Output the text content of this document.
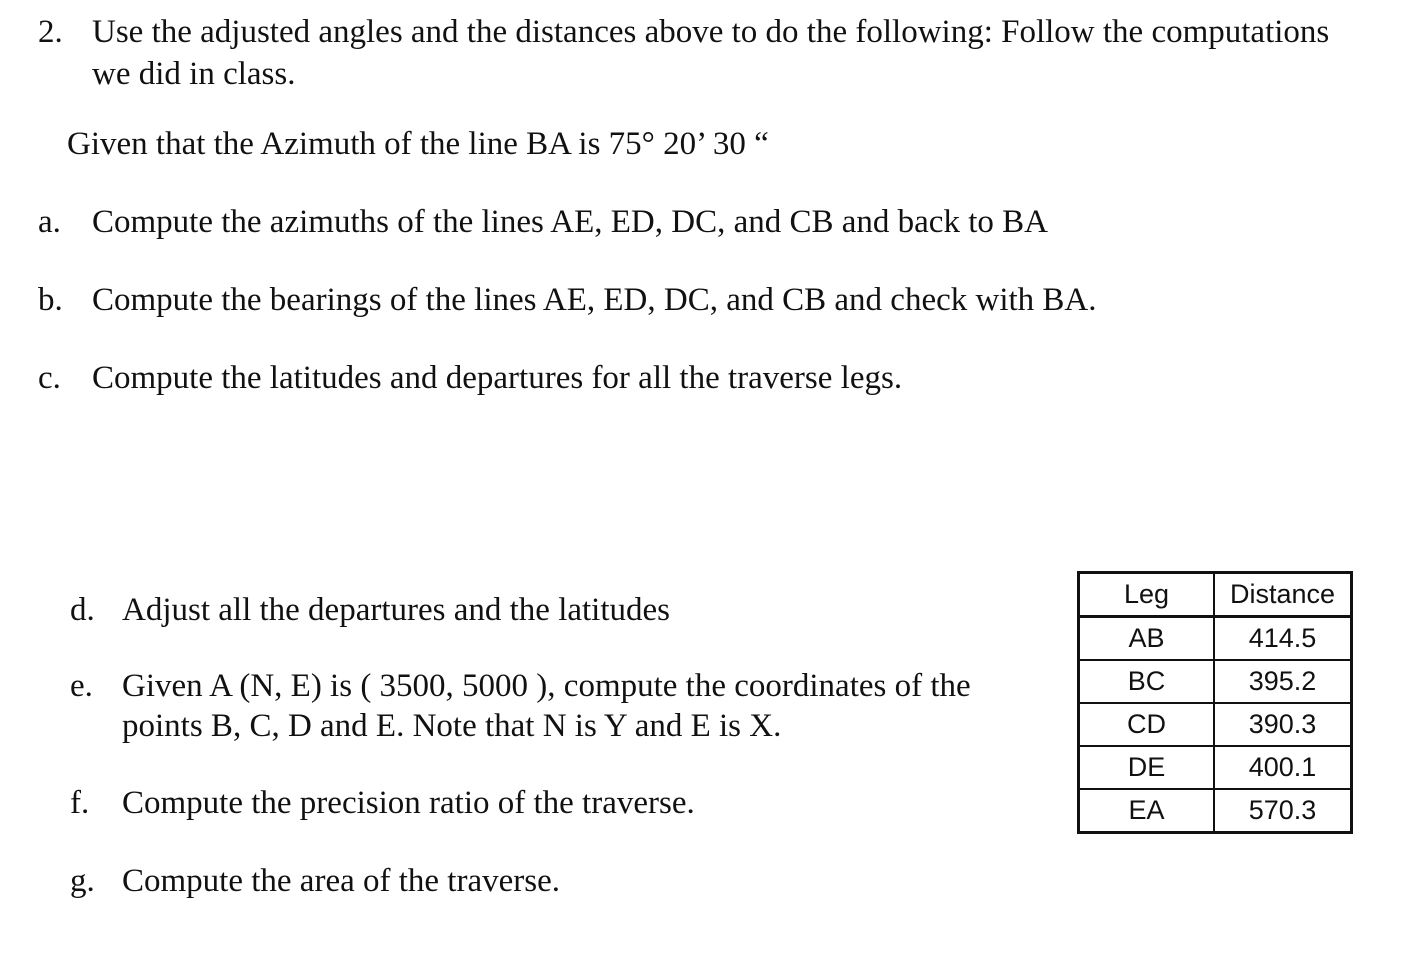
2. Use the adjusted angles and the distances above to do the following: Follow the computations
we did in class.
Given that the Azimuth of the line BA is 75° 20’ 30 “
a. Compute the azimuths of the lines AE, ED, DC, and CB and back to BA
b. Compute the bearings of the lines AE, ED, DC, and CB and check with BA.
c. Compute the latitudes and departures for all the traverse legs.
d. Adjust all the departures and the latitudes
e. Given A (N, E) is ( 3500, 5000 ), compute the coordinates of the
points B, C, D and E. Note that N is Y and E is X.
f. Compute the precision ratio of the traverse.
g. Compute the area of the traverse.
Leg	Distance
AB	414.5
BC	395.2
CD	390.3
DE	400.1
EA	570.3
